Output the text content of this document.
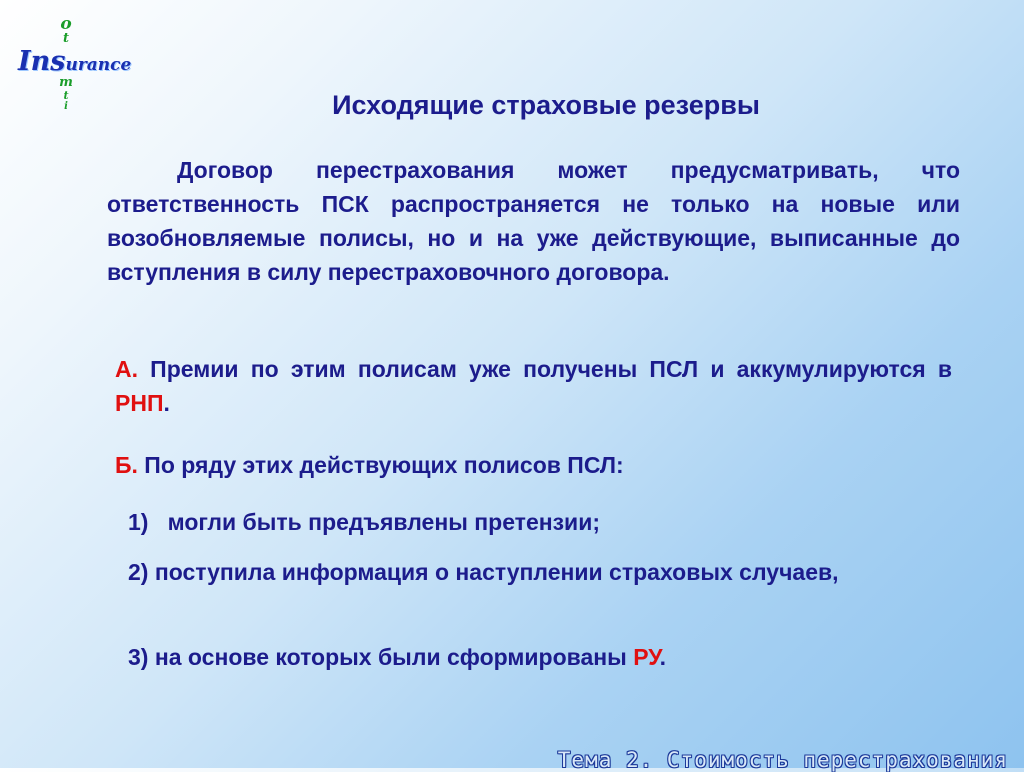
o
t
Insurance
m
t
i	Исходящие страховые резервы
Договор перестрахования может предусматривать, что ответственность ПСК распространяется не только на новые или возобновляемые полисы, но и на уже действующие, выписанные до вступления в силу перестраховочного договора.
А. Премии по этим полисам уже получены ПСЛ и аккумулируются в РНП.
Б. По ряду этих действующих полисов ПСЛ:
1)   могли быть предъявлены претензии;
2) поступила информация о наступлении страховых случаев,
3) на основе которых были сформированы РУ.
Тема 2. Стоимость перестрахования
